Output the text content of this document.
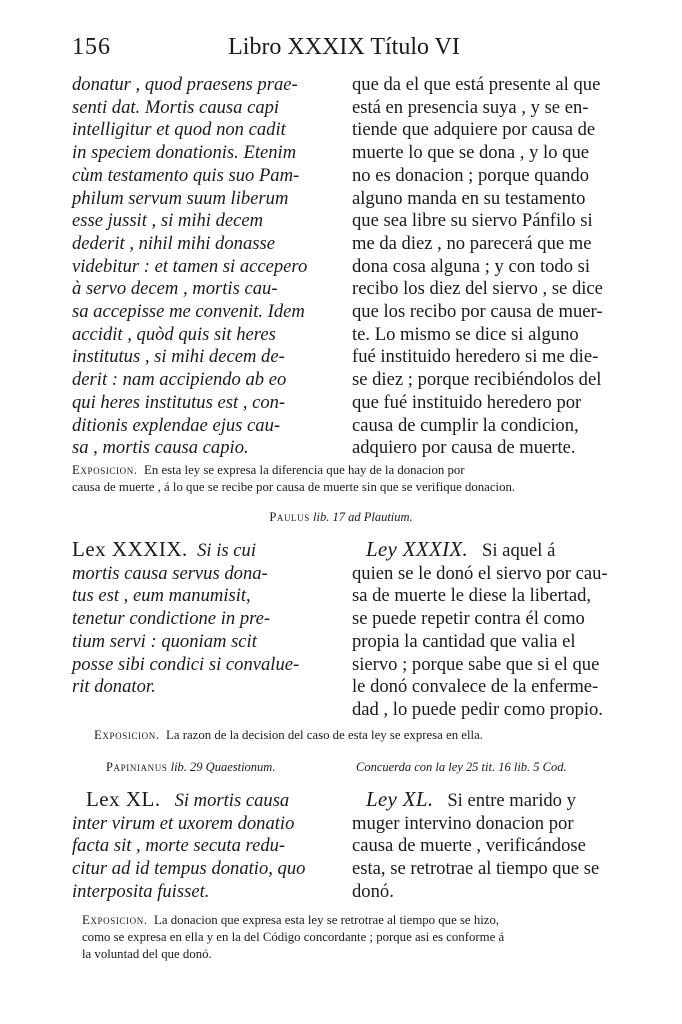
156	Libro XXXIX Título VI
donatur , quod praesens prae-
senti dat. Mortis causa capi
intelligitur et quod non cadit
in speciem donationis. Etenim
cùm testamento quis suo Pam-
philum servum suum liberum
esse jussit , si mihi decem
dederit , nihil mihi donasse
videbitur : et tamen si accepero
à servo decem , mortis cau-
sa accepisse me convenit. Idem
accidit , quòd quis sit heres
institutus , si mihi decem de-
derit : nam accipiendo ab eo
qui heres institutus est , con-
ditionis explendae ejus cau-
sa , mortis causa capio.
que da el que está presente al que
está en presencia suya , y se en-
tiende que adquiere por causa de
muerte lo que se dona , y lo que
no es donacion ; porque quando
alguno manda en su testamento
que sea libre su siervo Pánfilo si
me da diez , no parecerá que me
dona cosa alguna ; y con todo si
recibo los diez del siervo , se dice
que los recibo por causa de muer-
te. Lo mismo se dice si alguno
fué instituido heredero si me die-
se diez ; porque recibiéndolos del
que fué instituido heredero por
causa de cumplir la condicion,
adquiero por causa de muerte.
Exposicion. En esta ley se expresa la diferencia que hay de la donacion por
causa de muerte , á lo que se recibe por causa de muerte sin que se verifique donacion.
Paulus lib. 17 ad Plautium.
Lex XXXIX. Si is cui
mortis causa servus dona-
tus est , eum manumisit,
tenetur condictione in pre-
tium servi : quoniam scit
posse sibi condici si convalue-
rit donator.
Ley XXXIX. Si aquel á
quien se le donó el siervo por cau-
sa de muerte le diese la libertad,
se puede repetir contra él como
propia la cantidad que valia el
siervo ; porque sabe que si el que
le donó convalece de la enferme-
dad , lo puede pedir como propio.
Exposicion. La razon de la decision del caso de esta ley se expresa en ella.
Papinianus lib. 29 Quaestionum.	Concuerda con la ley 25 tit. 16 lib. 5 Cod.
Lex XL. Si mortis causa
inter virum et uxorem donatio
facta sit , morte secuta redu-
citur ad id tempus donatio, quo
interposita fuisset.
Ley XL. Si entre marido y
muger intervino donacion por
causa de muerte , verificándose
esta, se retrotrae al tiempo que se
donó.
Exposicion. La donacion que expresa esta ley se retrotrae al tiempo que se hizo,
como se expresa en ella y en la del Código concordante ; porque asi es conforme á
la voluntad del que donó.
